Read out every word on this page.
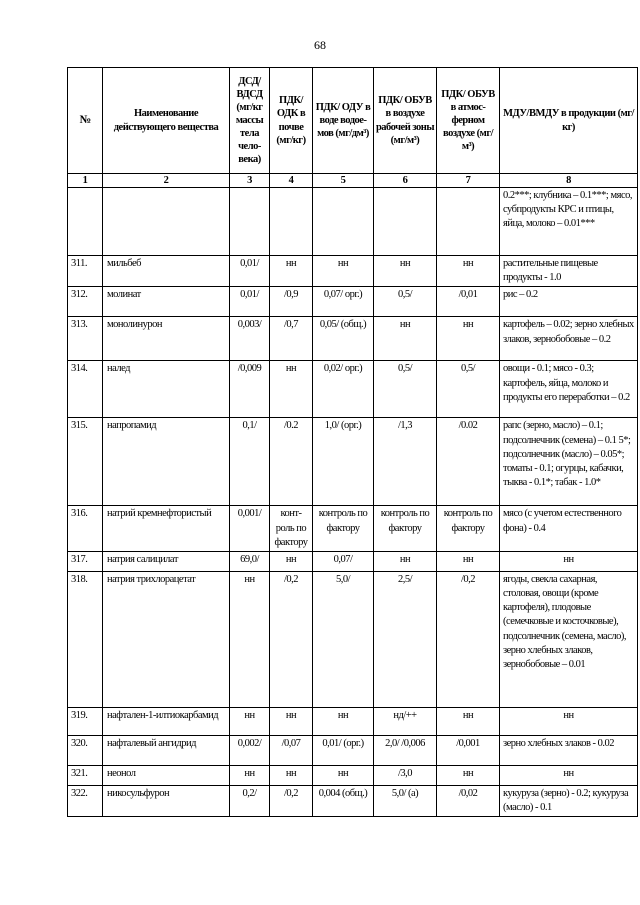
68
№	Наименование действующего вещества	ДСД/ ВДСД (мг/кг массы тела чело-века)	ПДК/ ОДК в почве (мг/кг)	ПДК/ ОДУ в воде водое-мов (мг/дм³)	ПДК/ ОБУВ в воздухе рабочей зоны (мг/м³)	ПДК/ ОБУВ в атмос-ферном воздухе (мг/м³)	МДУ/ВМДУ в продукции (мг/кг)
1	2	3	4	5	6	7	8
							0.2***; клубника – 0.1***; мясо, субпродукты КРС и птицы, яйца, молоко – 0.01***
311.	мильбеб	0,01/	нн	нн	нн	нн	растительные пищевые продукты - 1.0
312.	молинат	0,01/	/0,9	0,07/ орг.)	0,5/	/0,01	рис – 0.2
313.	монолинурон	0,003/	/0,7	0,05/ (общ.)	нн	нн	картофель – 0.02; зерно хлебных злаков, зернобобовые – 0.2
314.	налед	/0,009	нн	0,02/ орг.)	0,5/	0,5/	овощи - 0.1; мясо - 0.3; картофель, яйца, молоко и продукты его переработки – 0.2
315.	напропамид	0,1/	/0.2	1,0/ (орг.)	/1,3	/0.02	рапс (зерно, масло) – 0.1; подсолнечник (семена) – 0.1 5*; подсолнечник (масло) – 0.05*; томаты - 0.1; огурцы, кабачки, тыква - 0.1*; табак - 1.0*
316.	натрий кремнефтористый	0,001/	конт-роль по фактору	контроль по фактору	контроль по фактору	контроль по фактору	мясо (с учетом естественного фона) - 0.4
317.	натрия салицилат	69,0/	нн	0,07/	нн	нн	нн
318.	натрия трихлорацетат	нн	/0,2	5,0/	2,5/	/0,2	ягоды, свекла сахарная, столовая, овощи (кроме картофеля), плодовые (семечковые и косточковые), подсолнечник (семена, масло), зерно хлебных злаков, зернобобовые – 0.01
319.	нафтален-1-илтиокарбамид	нн	нн	нн	нд/++	нн	нн
320.	нафталевый ангидрид	0,002/	/0,07	0,01/ (орг.)	2,0/ /0,006	/0,001	зерно хлебных злаков - 0.02
321.	неонол	нн	нн	нн	/3,0	нн	нн
322.	никосульфурон	0,2/	/0,2	0,004 (общ.)	5,0/ (а)	/0,02	кукуруза (зерно) - 0.2; кукуруза (масло) - 0.1
